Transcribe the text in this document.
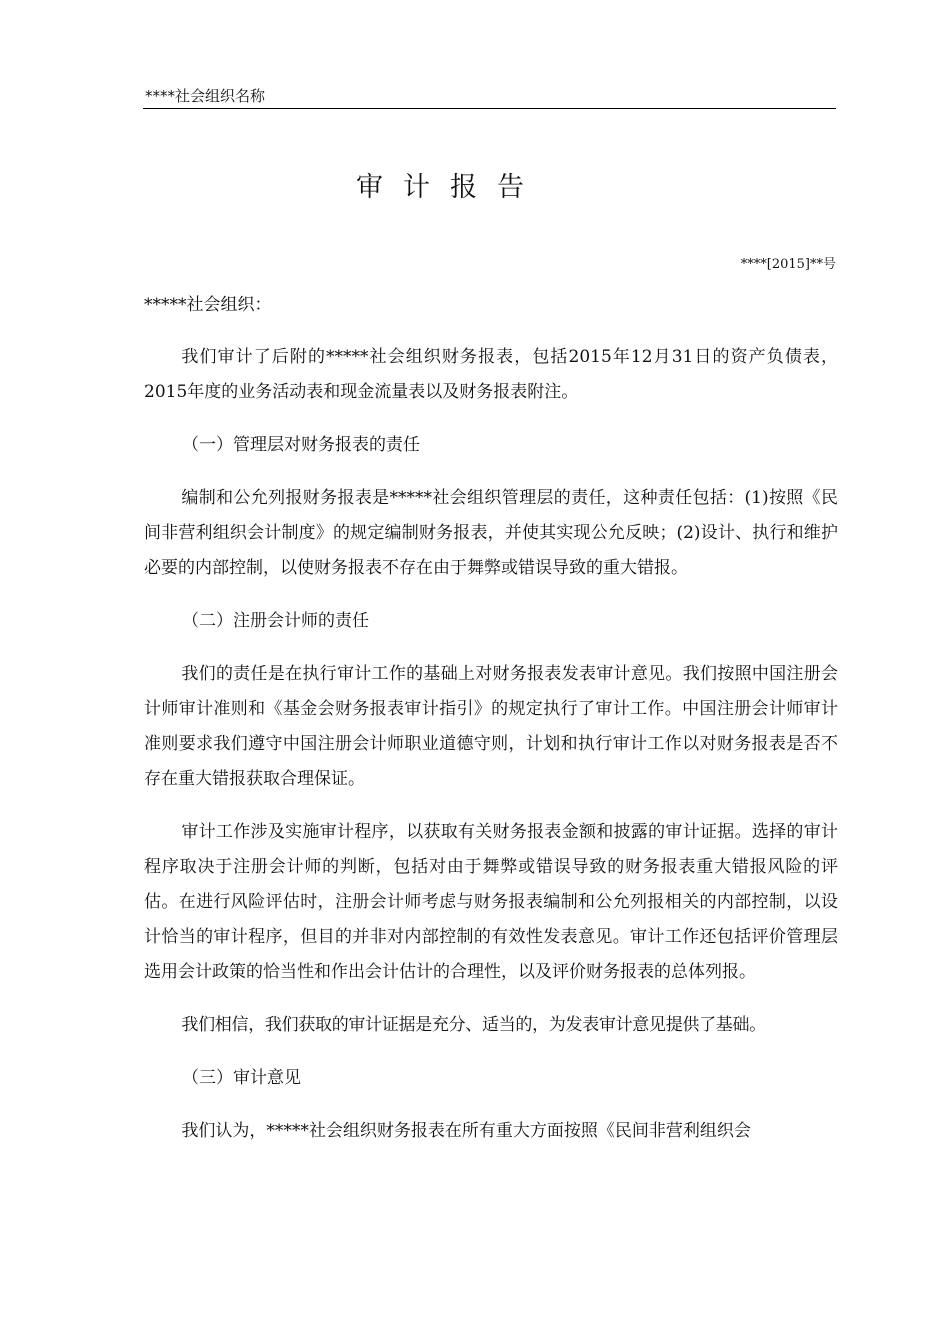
****社会组织名称
审计报告
****[2015]**号

*****社会组织：

我们审计了后附的*****社会组织财务报表，包括2015年12月31日的资产负债表，2015年度的业务活动表和现金流量表以及财务报表附注。

（一）管理层对财务报表的责任

编制和公允列报财务报表是*****社会组织管理层的责任，这种责任包括：(1)按照《民间非营利组织会计制度》的规定编制财务报表，并使其实现公允反映；(2)设计、执行和维护必要的内部控制，以使财务报表不存在由于舞弊或错误导致的重大错报。

（二）注册会计师的责任

我们的责任是在执行审计工作的基础上对财务报表发表审计意见。我们按照中国注册会计师审计准则和《基金会财务报表审计指引》的规定执行了审计工作。中国注册会计师审计准则要求我们遵守中国注册会计师职业道德守则，计划和执行审计工作以对财务报表是否不存在重大错报获取合理保证。

审计工作涉及实施审计程序，以获取有关财务报表金额和披露的审计证据。选择的审计程序取决于注册会计师的判断，包括对由于舞弊或错误导致的财务报表重大错报风险的评估。在进行风险评估时，注册会计师考虑与财务报表编制和公允列报相关的内部控制，以设计恰当的审计程序，但目的并非对内部控制的有效性发表意见。审计工作还包括评价管理层选用会计政策的恰当性和作出会计估计的合理性，以及评价财务报表的总体列报。

我们相信，我们获取的审计证据是充分、适当的，为发表审计意见提供了基础。

（三）审计意见

我们认为，*****社会组织财务报表在所有重大方面按照《民间非营利组织会
